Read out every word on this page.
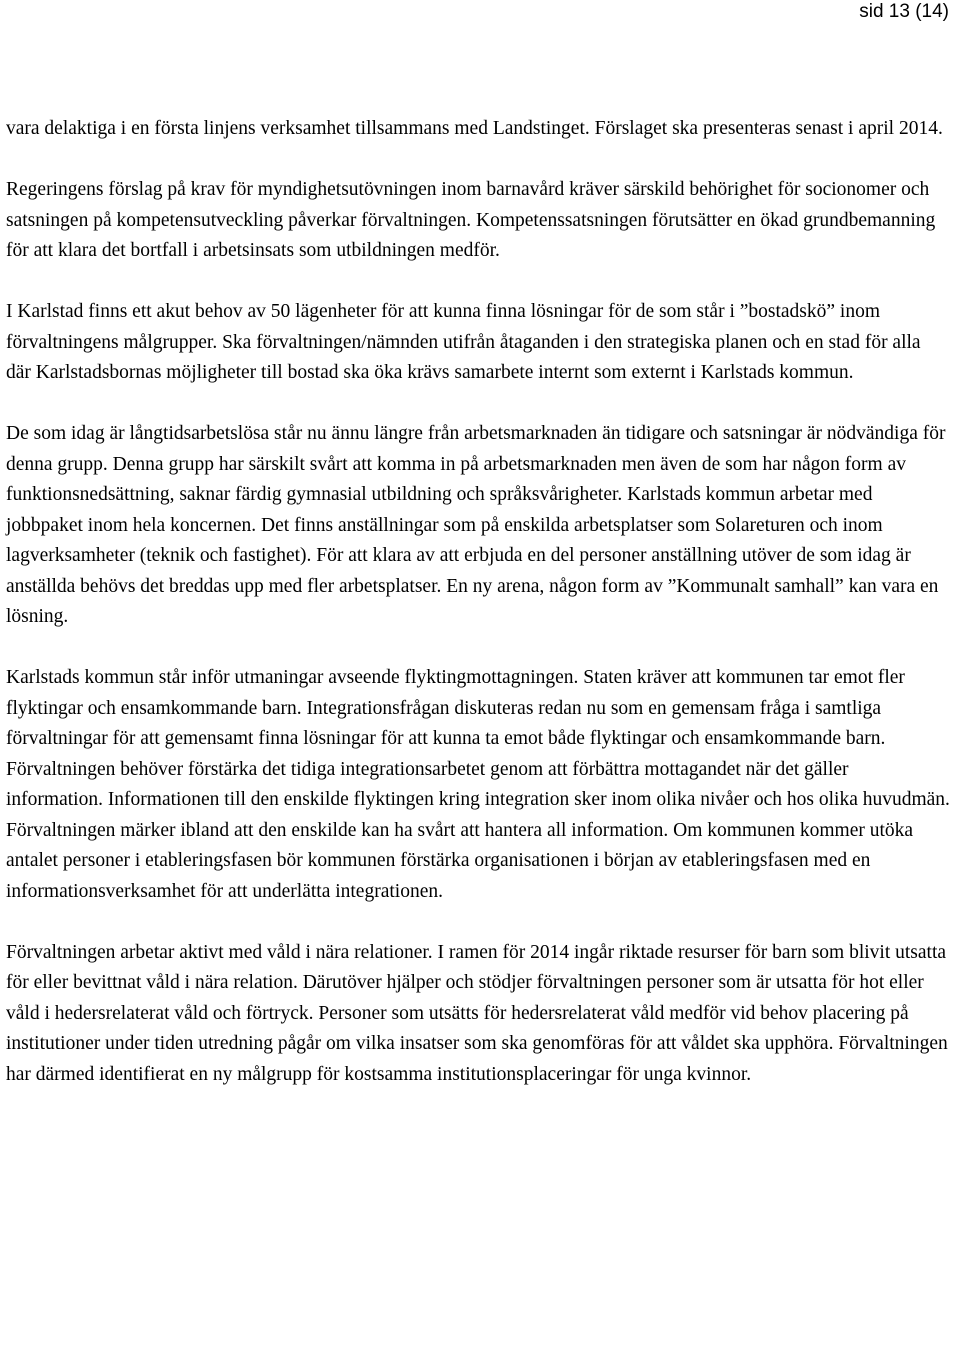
sid 13 (14)

vara delaktiga i en första linjens verksamhet tillsammans med Landstinget. Förslaget ska presenteras senast i april 2014.

Regeringens förslag på krav för myndighetsutövningen inom barnavård kräver särskild behörighet för socionomer och satsningen på kompetensutveckling påverkar förvaltningen. Kompetenssatsningen förutsätter en ökad grundbemanning för att klara det bortfall i arbetsinsats som utbildningen medför.

I Karlstad finns ett akut behov av 50 lägenheter för att kunna finna lösningar för de som står i ”bostadskö” inom förvaltningens målgrupper. Ska förvaltningen/nämnden utifrån åtaganden i den strategiska planen och en stad för alla där Karlstadsbornas möjligheter till bostad ska öka krävs samarbete internt som externt i Karlstads kommun.

De som idag är långtidsarbetslösa står nu ännu längre från arbetsmarknaden än tidigare och satsningar är nödvändiga för denna grupp. Denna grupp har särskilt svårt att komma in på arbetsmarknaden men även de som har någon form av funktionsnedsättning, saknar färdig gymnasial utbildning och språksvårigheter. Karlstads kommun arbetar med jobbpaket inom hela koncernen. Det finns anställningar som på enskilda arbetsplatser som Solareturen och inom lagverksamheter (teknik och fastighet). För att klara av att erbjuda en del personer anställning utöver de som idag är anställda behövs det breddas upp med fler arbetsplatser. En ny arena, någon form av ”Kommunalt samhall” kan vara en lösning.

Karlstads kommun står inför utmaningar avseende flyktingmottagningen. Staten kräver att kommunen tar emot fler flyktingar och ensamkommande barn. Integrationsfrågan diskuteras redan nu som en gemensam fråga i samtliga förvaltningar för att gemensamt finna lösningar för att kunna ta emot både flyktingar och ensamkommande barn. Förvaltningen behöver förstärka det tidiga integrationsarbetet genom att förbättra mottagandet när det gäller information. Informationen till den enskilde flyktingen kring integration sker inom olika nivåer och hos olika huvudmän. Förvaltningen märker ibland att den enskilde kan ha svårt att hantera all information. Om kommunen kommer utöka antalet personer i etableringsfasen bör kommunen förstärka organisationen i början av etableringsfasen med en informationsverksamhet för att underlätta integrationen.

Förvaltningen arbetar aktivt med våld i nära relationer. I ramen för 2014 ingår riktade resurser för barn som blivit utsatta för eller bevittnat våld i nära relation. Därutöver hjälper och stödjer förvaltningen personer som är utsatta för hot eller våld i hedersrelaterat våld och förtryck. Personer som utsätts för hedersrelaterat våld medför vid behov placering på institutioner under tiden utredning pågår om vilka insatser som ska genomföras för att våldet ska upphöra. Förvaltningen har därmed identifierat en ny målgrupp för kostsamma institutionsplaceringar för unga kvinnor.
